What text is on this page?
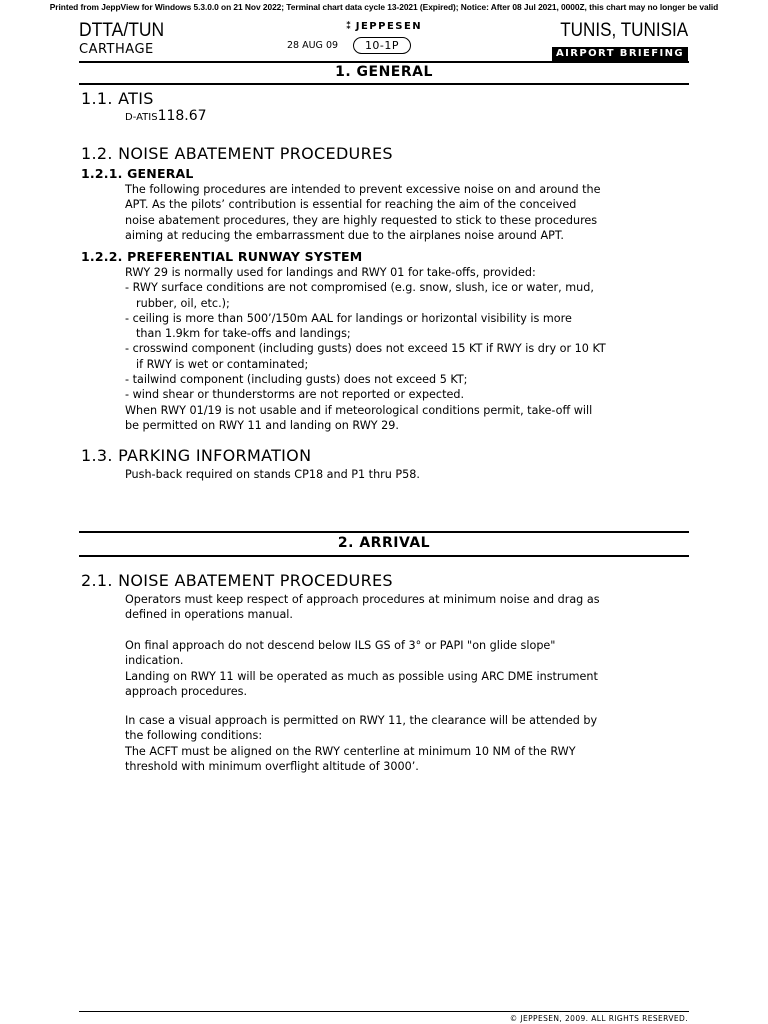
Printed from JeppView for Windows 5.3.0.0 on 21 Nov 2022; Terminal chart data cycle 13-2021 (Expired); Notice: After 08 Jul 2021, 0000Z, this chart may no longer be valid
DTTA/TUN
CARTHAGE
⁑ JEPPESEN
28 AUG 09	10-1P
TUNIS, TUNISIA
AIRPORT BRIEFING
1. GENERAL
1.1. ATIS
D-ATIS118.67
1.2. NOISE ABATEMENT PROCEDURES
1.2.1. GENERAL
The following procedures are intended to prevent excessive noise on and around the
APT. As the pilots’ contribution is essential for reaching the aim of the conceived
noise abatement procedures, they are highly requested to stick to these procedures
aiming at reducing the embarrassment due to the airplanes noise around APT.
1.2.2. PREFERENTIAL RUNWAY SYSTEM
RWY 29 is normally used for landings and RWY 01 for take-offs, provided:
- RWY surface conditions are not compromised (e.g. snow, slush, ice or water, mud,
rubber, oil, etc.);
- ceiling is more than 500’/150m AAL for landings or horizontal visibility is more
than 1.9km for take-offs and landings;
- crosswind component (including gusts) does not exceed 15 KT if RWY is dry or 10 KT
if RWY is wet or contaminated;
- tailwind component (including gusts) does not exceed 5 KT;
- wind shear or thunderstorms are not reported or expected.
When RWY 01/19 is not usable and if meteorological conditions permit, take-off will
be permitted on RWY 11 and landing on RWY 29.
1.3. PARKING INFORMATION
Push-back required on stands CP18 and P1 thru P58.
2. ARRIVAL
2.1. NOISE ABATEMENT PROCEDURES
Operators must keep respect of approach procedures at minimum noise and drag as
defined in operations manual.
On final approach do not descend below ILS GS of 3° or PAPI "on glide slope"
indication.
Landing on RWY 11 will be operated as much as possible using ARC DME instrument
approach procedures.
In case a visual approach is permitted on RWY 11, the clearance will be attended by
the following conditions:
The ACFT must be aligned on the RWY centerline at minimum 10 NM of the RWY
threshold with minimum overflight altitude of 3000’.
© JEPPESEN, 2009. ALL RIGHTS RESERVED.
